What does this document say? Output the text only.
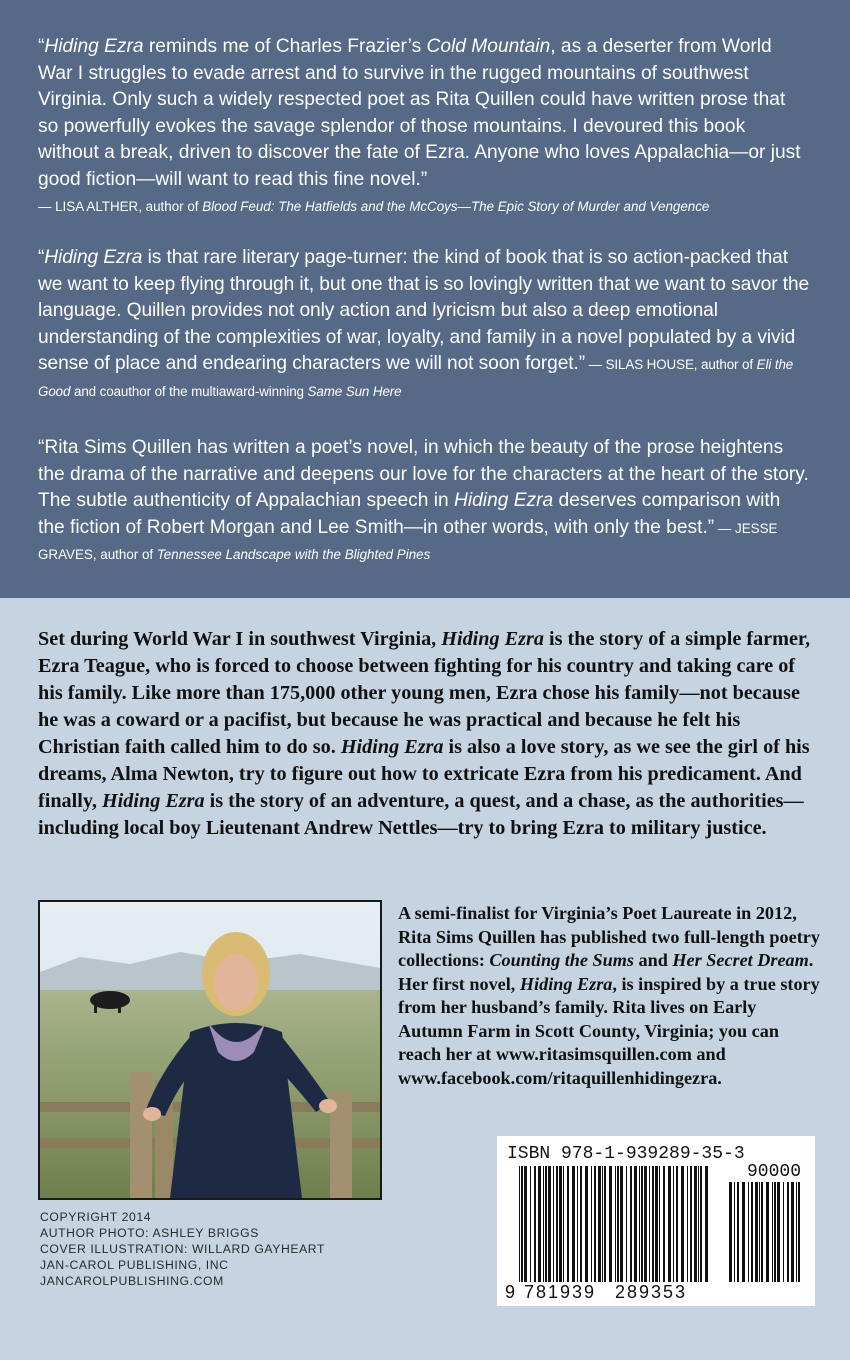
“Hiding Ezra reminds me of Charles Frazier’s Cold Mountain, as a deserter from World War I struggles to evade arrest and to survive in the rugged mountains of southwest Virginia. Only such a widely respected poet as Rita Quillen could have written prose that so powerfully evokes the savage splendor of those mountains. I devoured this book without a break, driven to discover the fate of Ezra. Anyone who loves Appalachia—or just good fiction—will want to read this fine novel.”
— LISA ALTHER, author of Blood Feud: The Hatfields and the McCoys—The Epic Story of Murder and Vengence
“Hiding Ezra is that rare literary page-turner: the kind of book that is so action-packed that we want to keep flying through it, but one that is so lovingly written that we want to savor the language. Quillen provides not only action and lyricism but also a deep emotional understanding of the complexities of war, loyalty, and family in a novel populated by a vivid sense of place and endearing characters we will not soon forget.” — SILAS HOUSE, author of Eli the Good and coauthor of the multiaward-winning Same Sun Here
“Rita Sims Quillen has written a poet’s novel, in which the beauty of the prose heightens the drama of the narrative and deepens our love for the characters at the heart of the story. The subtle authenticity of Appalachian speech in Hiding Ezra deserves comparison with the fiction of Robert Morgan and Lee Smith—in other words, with only the best.” — JESSE GRAVES, author of Tennessee Landscape with the Blighted Pines
Set during World War I in southwest Virginia, Hiding Ezra is the story of a simple farmer, Ezra Teague, who is forced to choose between fighting for his country and taking care of his family. Like more than 175,000 other young men, Ezra chose his family—not because he was a coward or a pacifist, but because he was practical and because he felt his Christian faith called him to do so. Hiding Ezra is also a love story, as we see the girl of his dreams, Alma Newton, try to figure out how to extricate Ezra from his predicament. And finally, Hiding Ezra is the story of an adventure, a quest, and a chase, as the authorities—including local boy Lieutenant Andrew Nettles—try to bring Ezra to military justice.
A semi-finalist for Virginia’s Poet Laureate in 2012, Rita Sims Quillen has published two full-length poetry collections: Counting the Sums and Her Secret Dream. Her first novel, Hiding Ezra, is inspired by a true story from her husband’s family. Rita lives on Early Autumn Farm in Scott County, Virginia; you can reach her at www.ritasimsquillen.com and www.facebook.com/ritaquillenhidingezra.
COPYRIGHT 2014
AUTHOR PHOTO: ASHLEY BRIGGS
COVER ILLUSTRATION: WILLARD GAYHEART
JAN-CAROL PUBLISHING, INC
JANCAROLPUBLISHING.COM
ISBN 978-1-939289-35-3
90000
9 781939 289353
